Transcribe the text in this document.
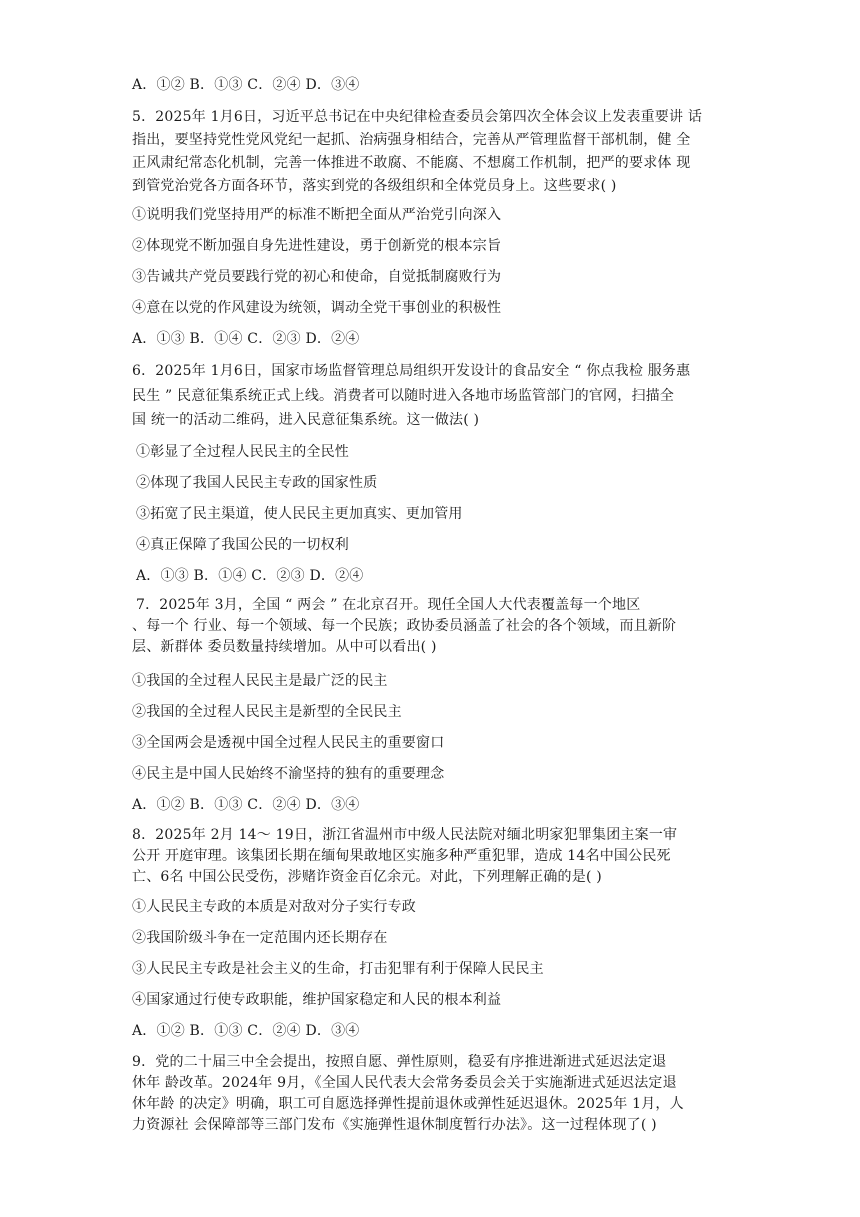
A．①② B．①③ C．②④ D．③④
5．2025年 1月6日，习近平总书记在中央纪律检查委员会第四次全体会议上发表重要讲 话
指出，要坚持党性党风党纪一起抓、治病强身相结合，完善从严管理监督干部机制，健 全
正风肃纪常态化机制，完善一体推进不敢腐、不能腐、不想腐工作机制，把严的要求体 现
到管党治党各方面各环节，落实到党的各级组织和全体党员身上。这些要求( )
①说明我们党坚持用严的标准不断把全面从严治党引向深入
②体现党不断加强自身先进性建设，勇于创新党的根本宗旨
③告诫共产党员要践行党的初心和使命，自觉抵制腐败行为
④意在以党的作风建设为统领，调动全党干事创业的积极性
A．①③ B．①④ C．②③ D．②④
6．2025年 1月6日，国家市场监督管理总局组织开发设计的食品安全 “ 你点我检 服务惠
民生 ” 民意征集系统正式上线。消费者可以随时进入各地市场监管部门的官网，扫描全
国 统一的活动二维码，进入民意征集系统。这一做法( )
①彰显了全过程人民民主的全民性
②体现了我国人民民主专政的国家性质
③拓宽了民主渠道，使人民民主更加真实、更加管用
④真正保障了我国公民的一切权利
A．①③ B．①④ C．②③ D．②④
7．2025年 3月，全国 “ 两会 ” 在北京召开。现任全国人大代表覆盖每一个地区
、每一个 行业、每一个领域、每一个民族；政协委员涵盖了社会的各个领域，而且新阶
层、新群体 委员数量持续增加。从中可以看出( )
①我国的全过程人民民主是最广泛的民主
②我国的全过程人民民主是新型的全民民主
③全国两会是透视中国全过程人民民主的重要窗口
④民主是中国人民始终不渝坚持的独有的重要理念
A．①② B．①③ C．②④ D．③④
8．2025年 2月 14～ 19日，浙江省温州市中级人民法院对缅北明家犯罪集团主案一审
公开 开庭审理。该集团长期在缅甸果敢地区实施多种严重犯罪，造成 14名中国公民死
亡、6名 中国公民受伤，涉赌诈资金百亿余元。对此，下列理解正确的是( )
①人民民主专政的本质是对敌对分子实行专政
②我国阶级斗争在一定范围内还长期存在
③人民民主专政是社会主义的生命，打击犯罪有利于保障人民民主
④国家通过行使专政职能，维护国家稳定和人民的根本利益
A．①② B．①③ C．②④ D．③④
9．党的二十届三中全会提出，按照自愿、弹性原则，稳妥有序推进渐进式延迟法定退
休年 龄改革。2024年 9月，《全国人民代表大会常务委员会关于实施渐进式延迟法定退
休年龄 的决定》明确，职工可自愿选择弹性提前退休或弹性延迟退休。2025年 1月，人
力资源社 会保障部等三部门发布《实施弹性退休制度暂行办法》。这一过程体现了( )
